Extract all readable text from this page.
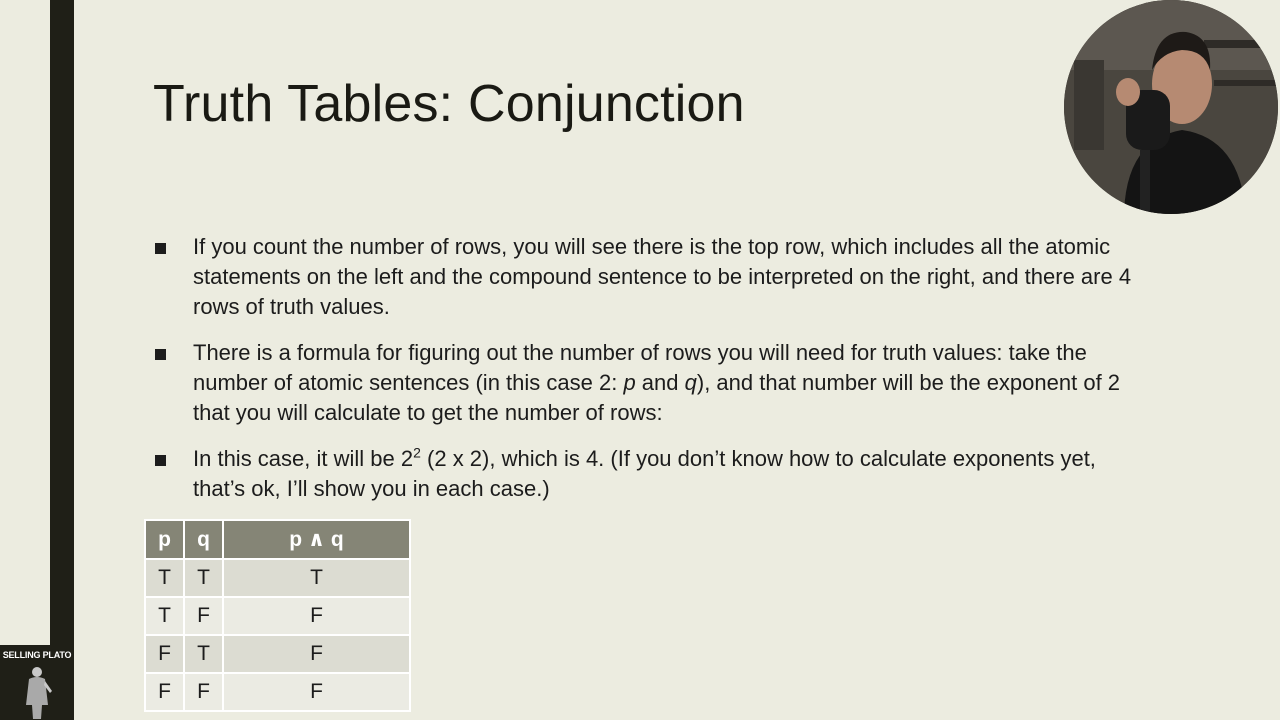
Truth Tables: Conjunction
If you count the number of rows, you will see there is the top row, which includes all the atomic statements on the left and the compound sentence to be interpreted on the right, and there are 4 rows of truth values.
There is a formula for figuring out the number of rows you will need for truth values: take the number of atomic sentences (in this case 2: p and q), and that number will be the exponent of 2 that you will calculate to get the number of rows:
In this case, it will be $2^2$ (2 x 2), which is 4. (If you don’t know how to calculate exponents yet, that’s ok, I’ll show you in each case.)
p	q	p ∧ q
T	T	T
T	F	F
F	T	F
F	F	F
SELLING PLATO
